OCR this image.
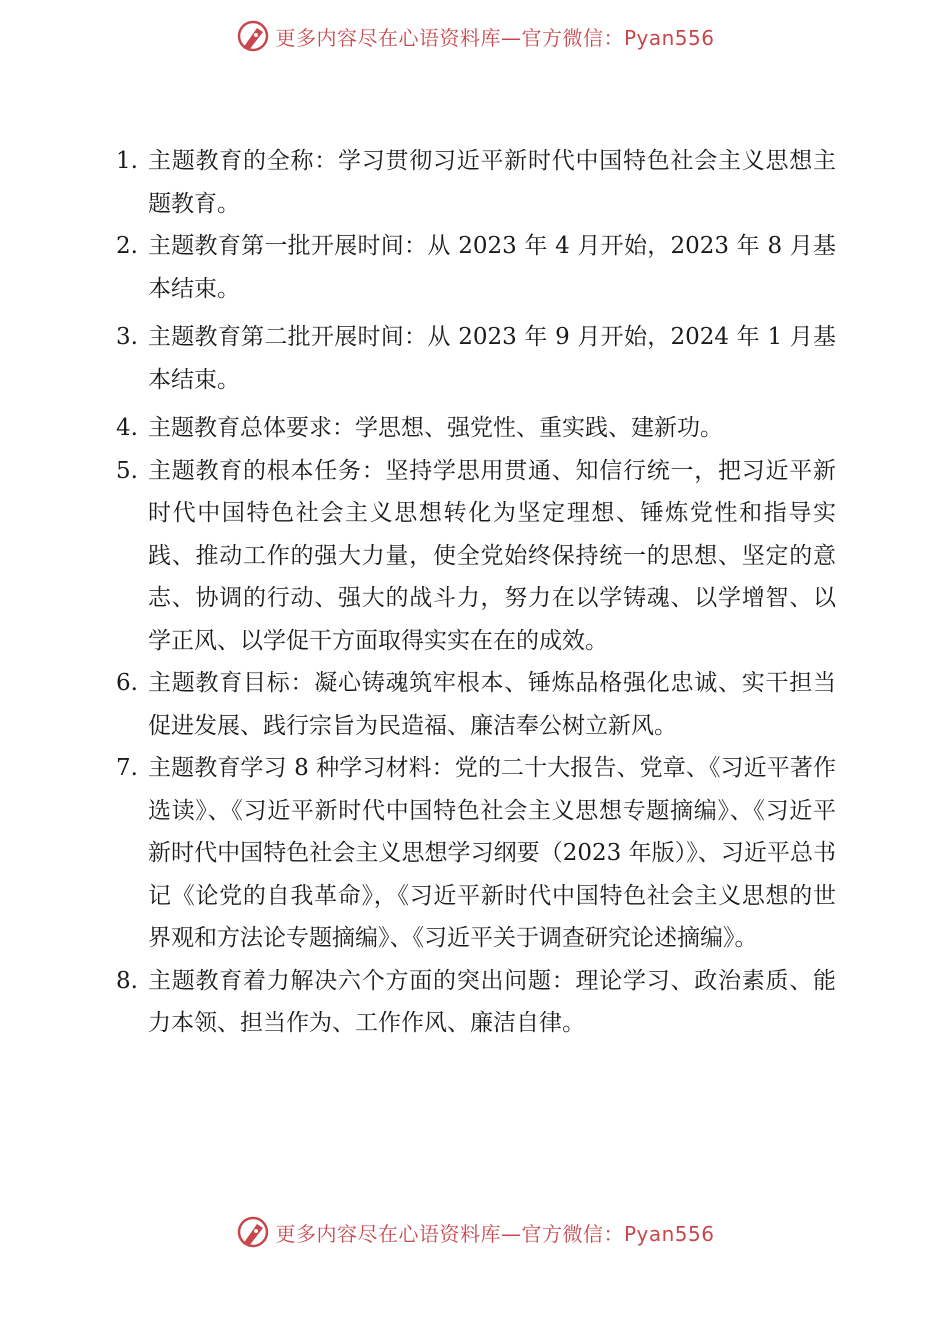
更多内容尽在心语资料库—官方微信：Pyan556
1. 主题教育的全称：学习贯彻习近平新时代中国特色社会主义思想主题教育。
2. 主题教育第一批开展时间：从 2023 年 4 月开始，2023 年 8 月基本结束。
3. 主题教育第二批开展时间：从 2023 年 9 月开始，2024 年 1 月基本结束。
4. 主题教育总体要求：学思想、强党性、重实践、建新功。
5. 主题教育的根本任务：坚持学思用贯通、知信行统一，把习近平新时代中国特色社会主义思想转化为坚定理想、锤炼党性和指导实践、推动工作的强大力量，使全党始终保持统一的思想、坚定的意志、协调的行动、强大的战斗力，努力在以学铸魂、以学增智、以学正风、以学促干方面取得实实在在的成效。
6. 主题教育目标：凝心铸魂筑牢根本、锤炼品格强化忠诚、实干担当促进发展、践行宗旨为民造福、廉洁奉公树立新风。
7. 主题教育学习 8 种学习材料：党的二十大报告、党章、《习近平著作选读》、《习近平新时代中国特色社会主义思想专题摘编》、《习近平新时代中国特色社会主义思想学习纲要（2023 年版）》、习近平总书记《论党的自我革命》，《习近平新时代中国特色社会主义思想的世界观和方法论专题摘编》、《习近平关于调查研究论述摘编》。
8. 主题教育着力解决六个方面的突出问题：理论学习、政治素质、能力本领、担当作为、工作作风、廉洁自律。
更多内容尽在心语资料库—官方微信：Pyan556
